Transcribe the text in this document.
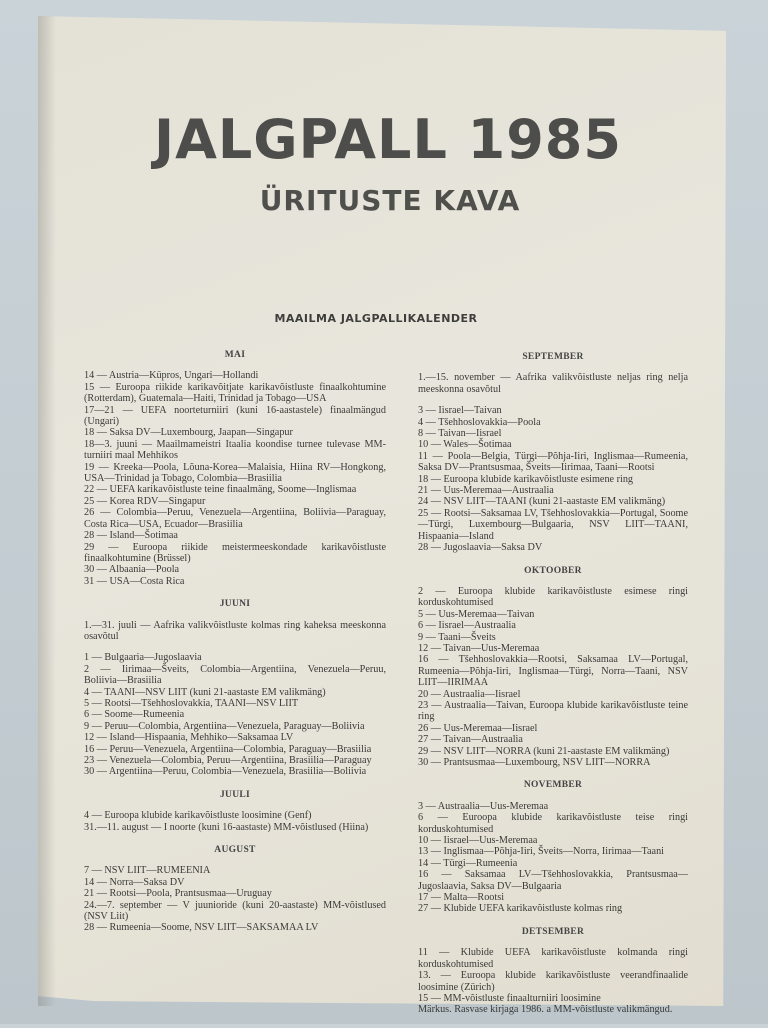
JALGPALL 1985
ÜRITUSTE KAVA
MAAILMA JALGPALLIKALENDER
MAI

14 — Austria—Küpros, Ungari—Hollandi

15 — Euroopa riikide karikavõitjate karikavõistluste finaalkohtumine (Rotterdam), Guatemala—Haiti, Trinidad ja Tobago—USA

17—21 — UEFA noorteturniiri (kuni 16-aastastele) finaalmängud (Ungari)

18 — Saksa DV—Luxembourg, Jaapan—Singapur

18—3. juuni — Maailmameistri Itaalia koondise turnee tulevase MM-turniiri maal Mehhikos

19 — Kreeka—Poola, Lõuna-Korea—Malaisia, Hiina RV—Hongkong, USA—Trinidad ja Tobago, Colombia—Brasiilia

22 — UEFA karikavõistluste teine finaalmäng, Soome—Inglismaa

25 — Korea RDV—Singapur

26 — Colombia—Peruu, Venezuela—Argentiina, Boliivia—Paraguay, Costa Rica—USA, Ecuador—Brasiilia

28 — Island—Šotimaa

29 — Euroopa riikide meistermeeskondade karikavõistluste finaalkohtumine (Brüssel)

30 — Albaania—Poola

31 — USA—Costa Rica

JUUNI

1.—31. juuli — Aafrika valikvõistluste kolmas ring kaheksa meeskonna osavõtul

1 — Bulgaaria—Jugoslaavia

2 — Iirimaa—Šveits, Colombia—Argentiina, Venezuela—Peruu, Boliivia—Brasiilia

4 — TAANI—NSV LIIT (kuni 21-aastaste EM valikmäng)

5 — Rootsi—Tšehhoslovakkia, TAANI—NSV LIIT

6 — Soome—Rumeenia

9 — Peruu—Colombia, Argentiina—Venezuela, Paraguay—Boliivia

12 — Island—Hispaania, Mehhiko—Saksamaa LV

16 — Peruu—Venezuela, Argentiina—Colombia, Paraguay—Brasiilia

23 — Venezuela—Colombia, Peruu—Argentiina, Brasiilia—Paraguay

30 — Argentiina—Peruu, Colombia—Venezuela, Brasiilia—Boliivia

JUULI

4 — Euroopa klubide karikavõistluste loosimine (Genf)

31.—11. august — I noorte (kuni 16-aastaste) MM-võistlused (Hiina)

AUGUST

7 — NSV LIIT—RUMEENIA

14 — Norra—Saksa DV

21 — Rootsi—Poola, Prantsusmaa—Uruguay

24.—7. september — V juunioride (kuni 20-aastaste) MM-võistlused (NSV Liit)

28 — Rumeenia—Soome, NSV LIIT—SAKSAMAA LV

SEPTEMBER

1.—15. november — Aafrika valikvõistluste neljas ring nelja meeskonna osavõtul

3 — Iisrael—Taivan

4 — Tšehhoslovakkia—Poola

8 — Taivan—Iisrael

10 — Wales—Šotimaa

11 — Poola—Belgia, Türgi—Põhja-Iiri, Inglismaa—Rumeenia, Saksa DV—Prantsusmaa, Šveits—Iirimaa, Taani—Rootsi

18 — Euroopa klubide karikavõistluste esimene ring

21 — Uus-Meremaa—Austraalia

24 — NSV LIIT—TAANI (kuni 21-aastaste EM valikmäng)

25 — Rootsi—Saksamaa LV, Tšehhoslovakkia—Portugal, Soome—Türgi, Luxembourg—Bulgaaria, NSV LIIT—TAANI, Hispaania—Island

28 — Jugoslaavia—Saksa DV

OKTOOBER

2 — Euroopa klubide karikavõistluste esimese ringi korduskohtumised

5 — Uus-Meremaa—Taivan

6 — Iisrael—Austraalia

9 — Taani—Šveits

12 — Taivan—Uus-Meremaa

16 — Tšehhoslovakkia—Rootsi, Saksamaa LV—Portugal, Rumeenia—Põhja-Iiri, Inglismaa—Türgi, Norra—Taani, NSV LIIT—IIRIMAA

20 — Austraalia—Iisrael

23 — Austraalia—Taivan, Euroopa klubide karikavõistluste teine ring

26 — Uus-Meremaa—Iisrael

27 — Taivan—Austraalia

29 — NSV LIIT—NORRA (kuni 21-aastaste EM valikmäng)

30 — Prantsusmaa—Luxembourg, NSV LIIT—NORRA

NOVEMBER

3 — Austraalia—Uus-Meremaa

6 — Euroopa klubide karikavõistluste teise ringi korduskohtumised

10 — Iisrael—Uus-Meremaa

13 — Inglismaa—Põhja-Iiri, Šveits—Norra, Iirimaa—Taani

14 — Türgi—Rumeenia

16 — Saksamaa LV—Tšehhoslovakkia, Prantsusmaa—Jugoslaavia, Saksa DV—Bulgaaria

17 — Malta—Rootsi

27 — Klubide UEFA karikavõistluste kolmas ring

DETSEMBER

11 — Klubide UEFA karikavõistluste kolmanda ringi korduskohtumised

13. — Euroopa klubide karikavõistluste veerandfinaalide loosimine (Zürich)

15 — MM-võistluste finaalturniiri loosimine

Märkus. Rasvase kirjaga 1986. a MM-võistluste valikmängud.
